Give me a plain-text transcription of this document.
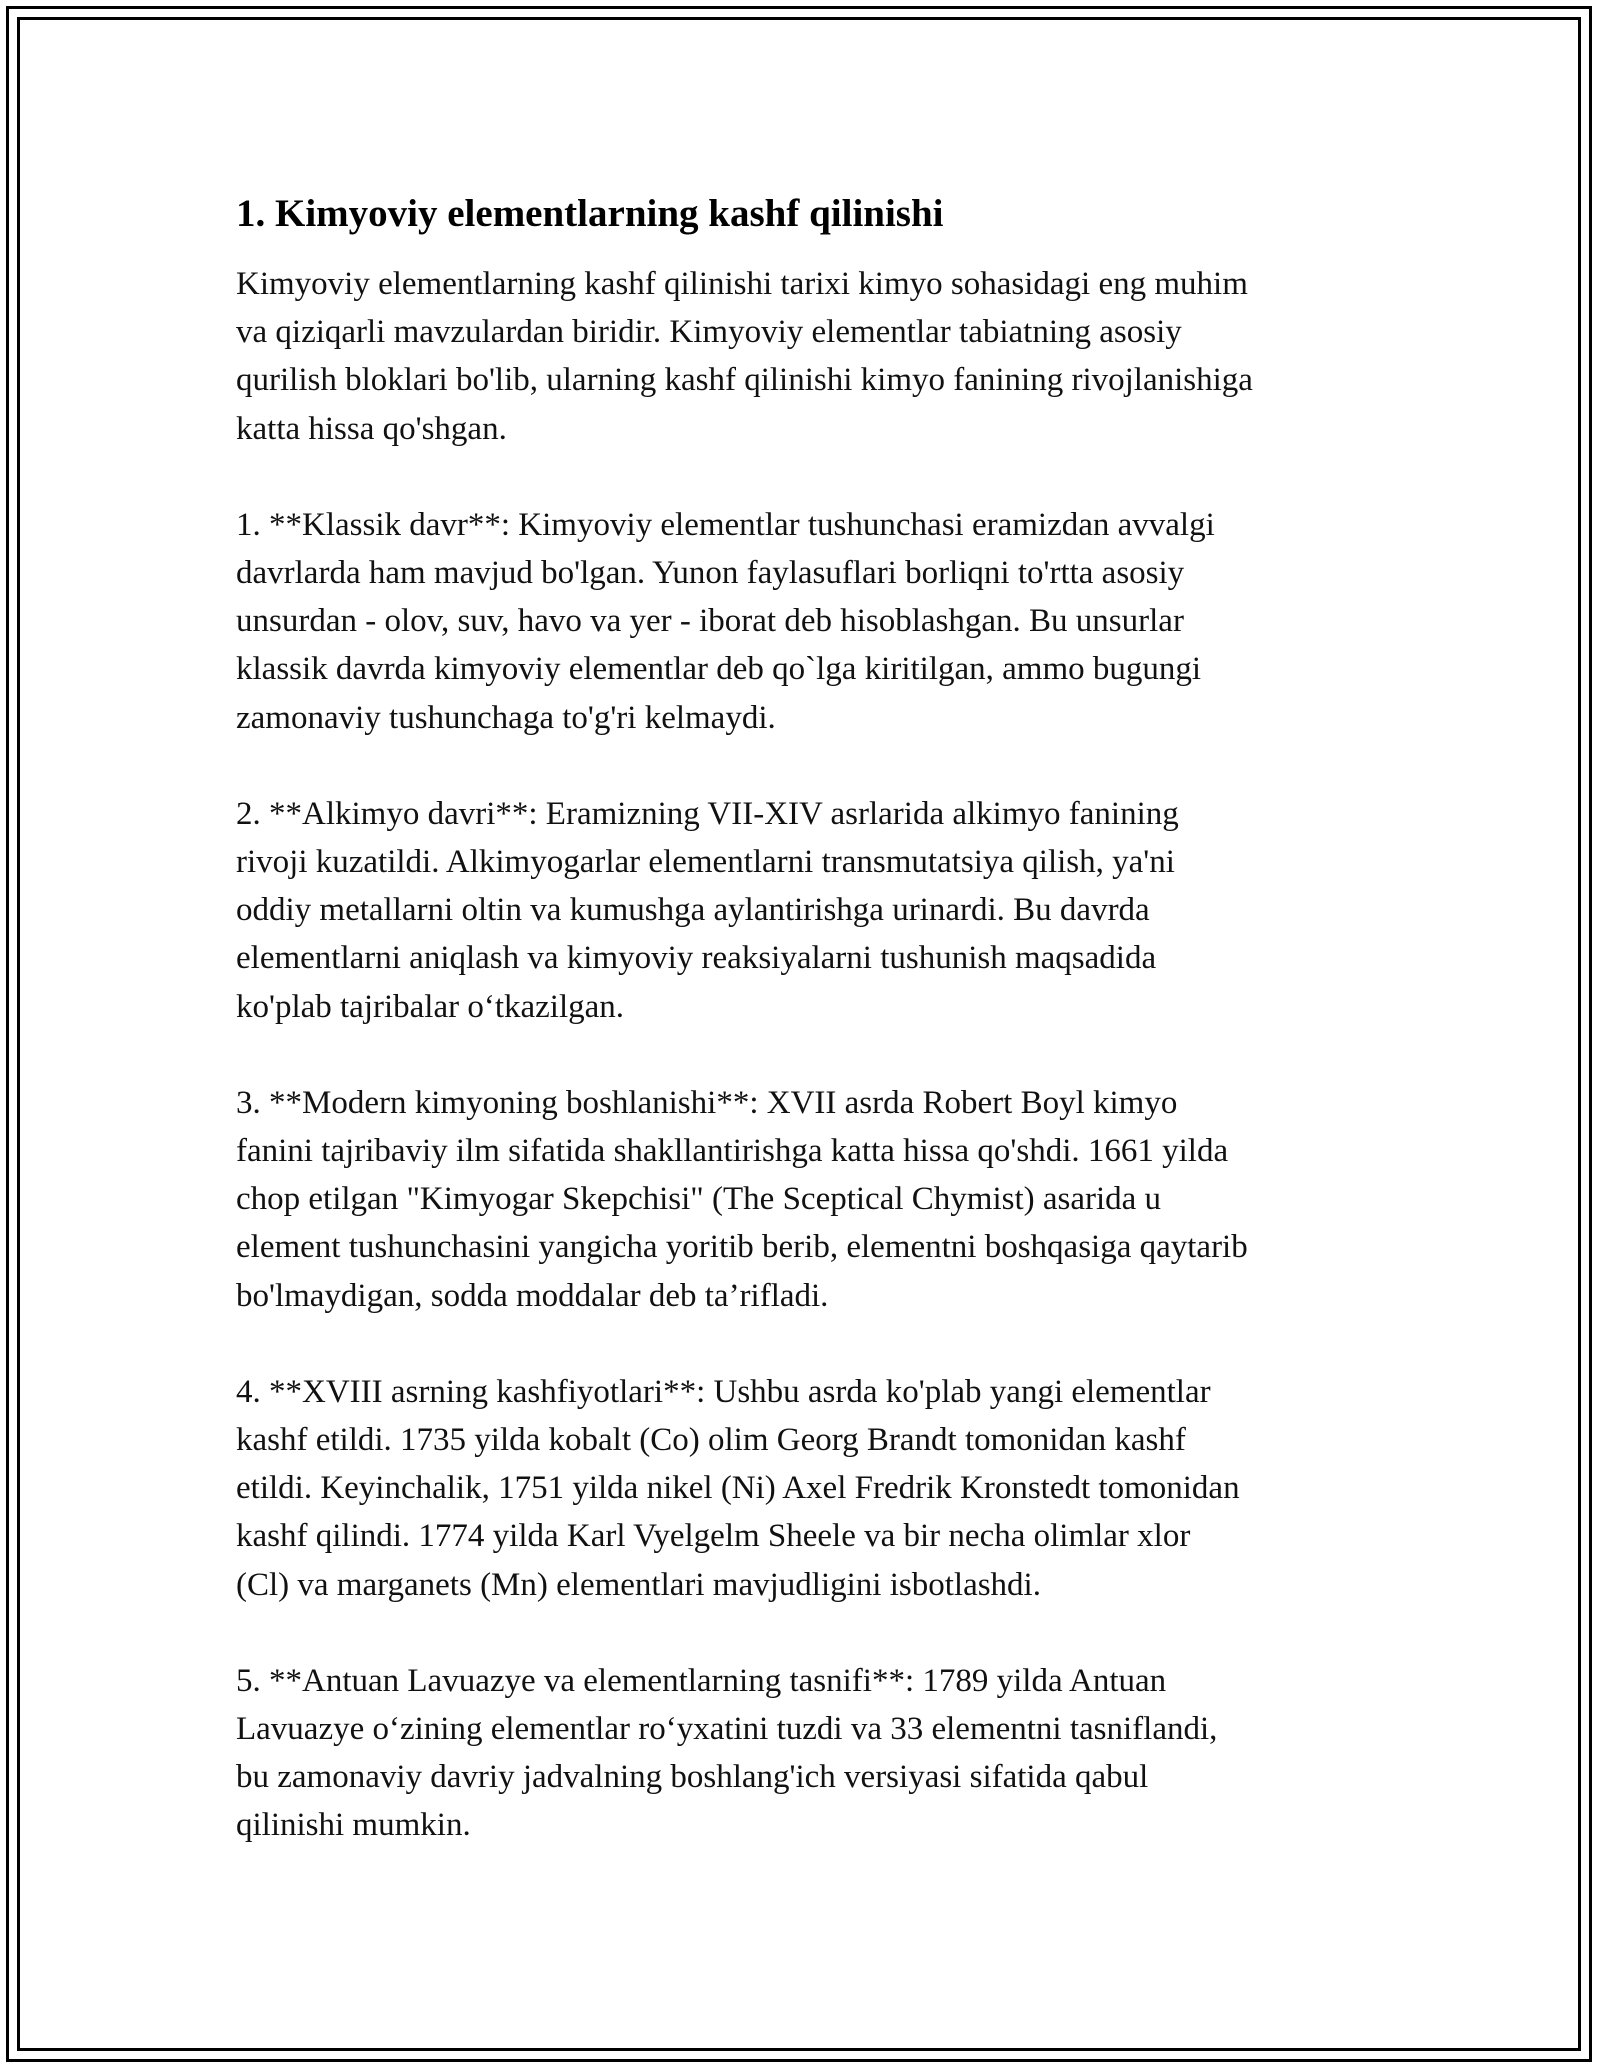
1. Kimyoviy elementlarning kashf qilinishi

Kimyoviy elementlarning kashf qilinishi tarixi kimyo sohasidagi eng muhim
va qiziqarli mavzulardan biridir. Kimyoviy elementlar tabiatning asosiy
qurilish bloklari bo'lib, ularning kashf qilinishi kimyo fanining rivojlanishiga
katta hissa qo'shgan.

1. **Klassik davr**: Kimyoviy elementlar tushunchasi eramizdan avvalgi
davrlarda ham mavjud bo'lgan. Yunon faylasuflari borliqni to'rtta asosiy
unsurdan - olov, suv, havo va yer - iborat deb hisoblashgan. Bu unsurlar
klassik davrda kimyoviy elementlar deb qo`lga kiritilgan, ammo bugungi
zamonaviy tushunchaga to'g'ri kelmaydi.

2. **Alkimyo davri**: Eramizning VII-XIV asrlarida alkimyo fanining
rivoji kuzatildi. Alkimyogarlar elementlarni transmutatsiya qilish, ya'ni
oddiy metallarni oltin va kumushga aylantirishga urinardi. Bu davrda
elementlarni aniqlash va kimyoviy reaksiyalarni tushunish maqsadida
ko'plab tajribalar o‘tkazilgan.

3. **Modern kimyoning boshlanishi**: XVII asrda Robert Boyl kimyo
fanini tajribaviy ilm sifatida shakllantirishga katta hissa qo'shdi. 1661 yilda
chop etilgan "Kimyogar Skepchisi" (The Sceptical Chymist) asarida u
element tushunchasini yangicha yoritib berib, elementni boshqasiga qaytarib
bo'lmaydigan, sodda moddalar deb ta’rifladi.

4. **XVIII asrning kashfiyotlari**: Ushbu asrda ko'plab yangi elementlar
kashf etildi. 1735 yilda kobalt (Co) olim Georg Brandt tomonidan kashf
etildi. Keyinchalik, 1751 yilda nikel (Ni) Axel Fredrik Kronstedt tomonidan
kashf qilindi. 1774 yilda Karl Vyelgelm Sheele va bir necha olimlar xlor
(Cl) va marganets (Mn) elementlari mavjudligini isbotlashdi.

5. **Antuan Lavuazye va elementlarning tasnifi**: 1789 yilda Antuan
Lavuazye o‘zining elementlar ro‘yxatini tuzdi va 33 elementni tasniflandi,
bu zamonaviy davriy jadvalning boshlang'ich versiyasi sifatida qabul
qilinishi mumkin.
